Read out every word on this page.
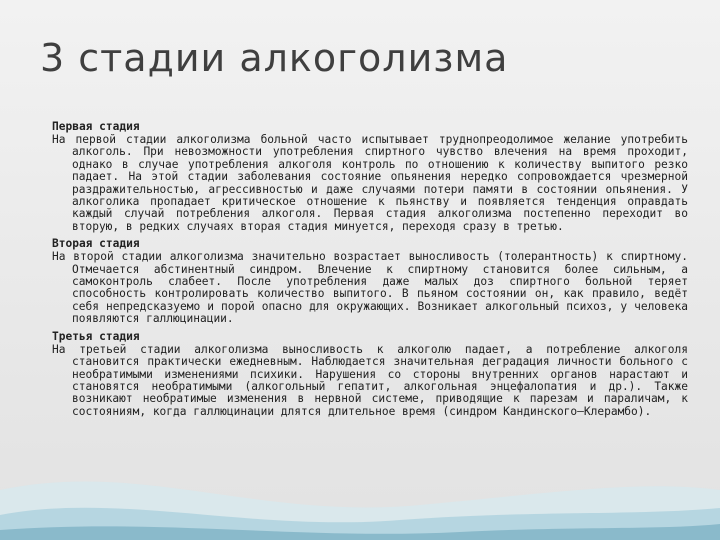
3 стадии алкоголизма

Первая стадия

На первой стадии алкоголизма больной часто испытывает труднопреодолимое желание употребить алкоголь. При невозможности употребления спиртного чувство влечения на время проходит, однако в случае употребления алкоголя контроль по отношению к количеству выпитого резко падает. На этой стадии заболевания состояние опьянения нередко сопровождается чрезмерной раздражительностью, агрессивностью и даже случаями потери памяти в состоянии опьянения. У алкоголика пропадает критическое отношение к пьянству и появляется тенденция оправдать каждый случай потребления алкоголя. Первая стадия алкоголизма постепенно переходит во вторую, в редких случаях вторая стадия минуется, переходя сразу в третью.

Вторая стадия

На второй стадии алкоголизма значительно возрастает выносливость (толерантность) к спиртному. Отмечается абстинентный синдром. Влечение к спиртному становится более сильным, а самоконтроль слабеет. После употребления даже малых доз спиртного больной теряет способность контролировать количество выпитого. В пьяном состоянии он, как правило, ведёт себя непредсказуемо и порой опасно для окружающих. Возникает алкогольный психоз, у человека появляются галлюцинации.

Третья стадия

На третьей стадии алкоголизма выносливость к алкоголю падает, а потребление алкоголя становится практически ежедневным. Наблюдается значительная деградация личности больного с необратимыми изменениями психики. Нарушения со стороны внутренних органов нарастают и становятся необратимыми (алкогольный гепатит, алкогольная энцефалопатия и др.). Также возникают необратимые изменения в нервной системе, приводящие к парезам и параличам, к состояниям, когда галлюцинации длятся длительное время (синдром Кандинского–Клерамбо).
